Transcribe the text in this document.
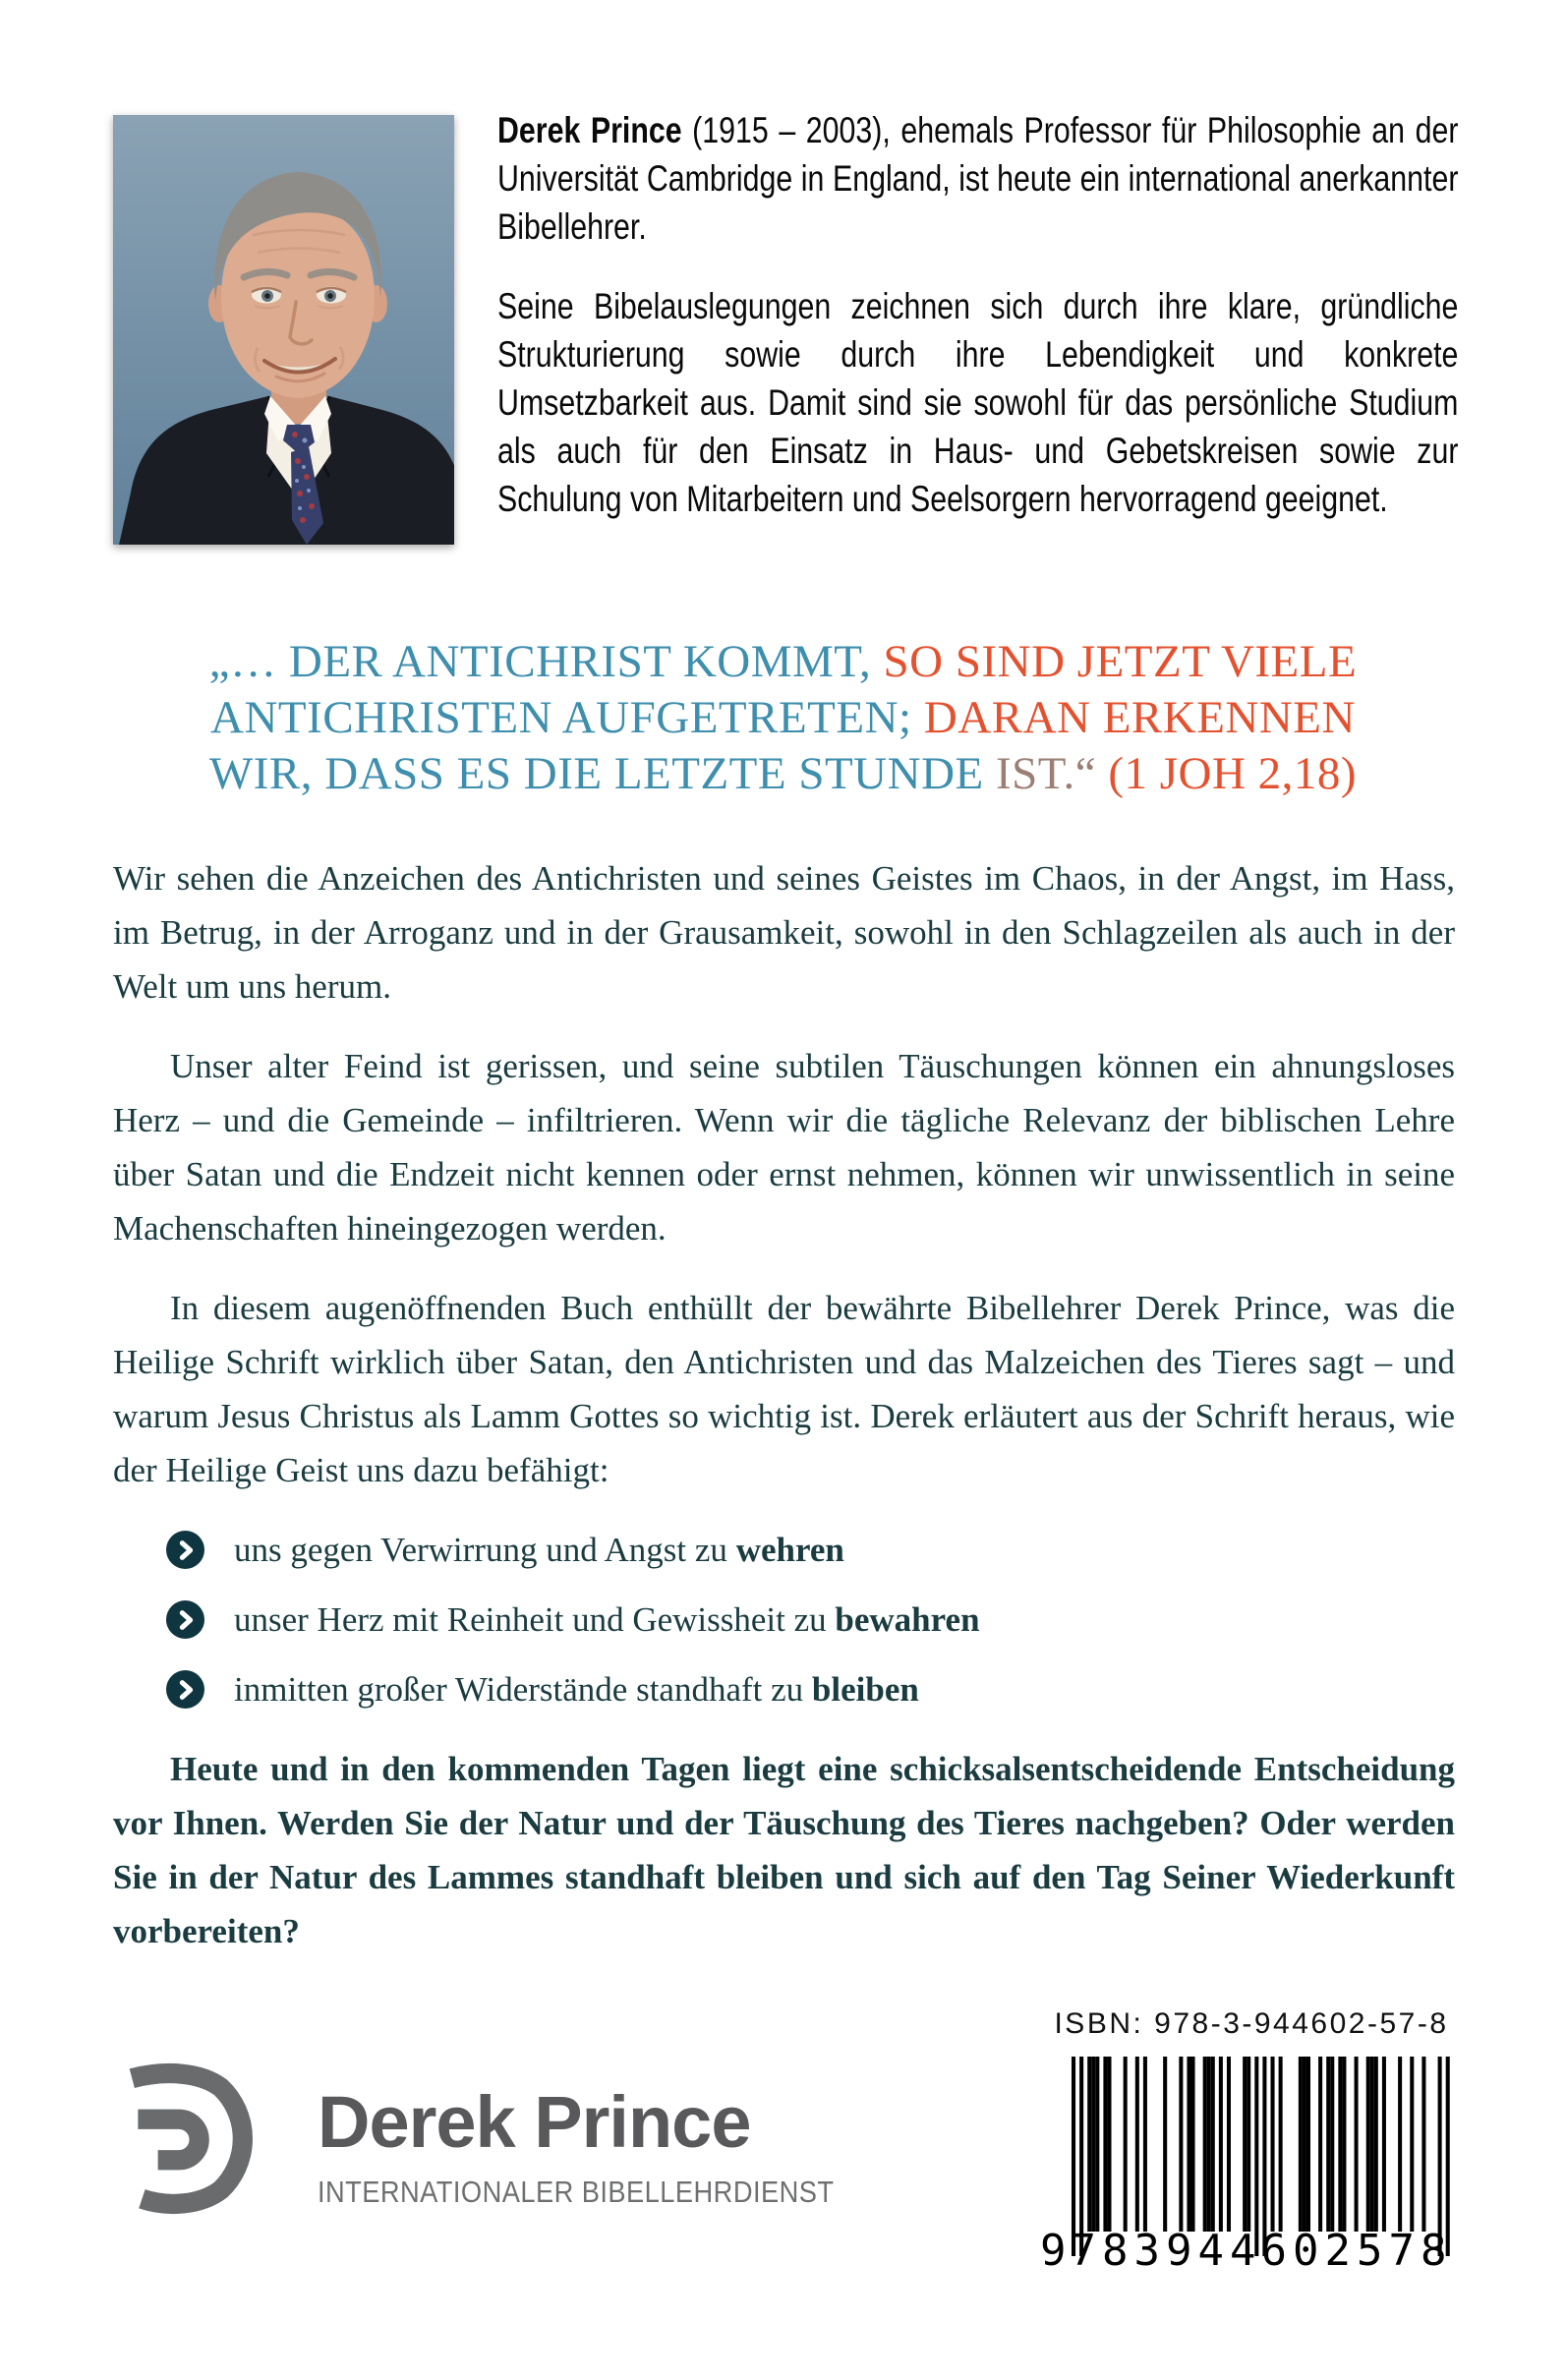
Derek Prince (1915 – 2003), ehemals Professor für Philosophie an der Universität Cambridge in England, ist heute ein international anerkannter Bibellehrer.

Seine Bibelauslegungen zeichnen sich durch ihre klare, gründliche Strukturierung sowie durch ihre Lebendigkeit und konkrete Umsetzbarkeit aus. Damit sind sie sowohl für das persönliche Studium als auch für den Einsatz in Haus- und Gebetskreisen sowie zur Schulung von Mitarbeitern und Seelsorgern hervorragend geeignet.

„… DER ANTICHRIST KOMMT, SO SIND JETZT VIELE
ANTICHRISTEN AUFGETRETEN; DARAN ERKENNEN
WIR, DASS ES DIE LETZTE STUNDE IST.“ (1 JOH 2,18)

Wir sehen die Anzeichen des Antichristen und seines Geistes im Chaos, in der Angst, im Hass, im Betrug, in der Arroganz und in der Grausamkeit, sowohl in den Schlagzeilen als auch in der Welt um uns herum.

Unser alter Feind ist gerissen, und seine subtilen Täuschungen können ein ahnungsloses Herz – und die Gemeinde – infiltrieren. Wenn wir die tägliche Relevanz der biblischen Lehre über Satan und die Endzeit nicht kennen oder ernst nehmen, können wir unwissentlich in seine Machenschaften hineingezogen werden.

In diesem augenöffnenden Buch enthüllt der bewährte Bibellehrer Derek Prince, was die Heilige Schrift wirklich über Satan, den Antichristen und das Malzeichen des Tieres sagt – und warum Jesus Christus als Lamm Gottes so wichtig ist. Derek erläutert aus der Schrift heraus, wie der Heilige Geist uns dazu befähigt:

uns gegen Verwirrung und Angst zu wehren
unser Herz mit Reinheit und Gewissheit zu bewahren
inmitten großer Widerstände standhaft zu bleiben

Heute und in den kommenden Tagen liegt eine schicksalsentscheidende Entscheidung vor Ihnen. Werden Sie der Natur und der Täuschung des Tieres nachgeben? Oder werden Sie in der Natur des Lammes standhaft bleiben und sich auf den Tag Seiner Wiederkunft vorbereiten?

Derek Prince
INTERNATIONALER BIBELLEHRDIENST
ISBN: 978-3-944602-57-8
9 783944 602578
